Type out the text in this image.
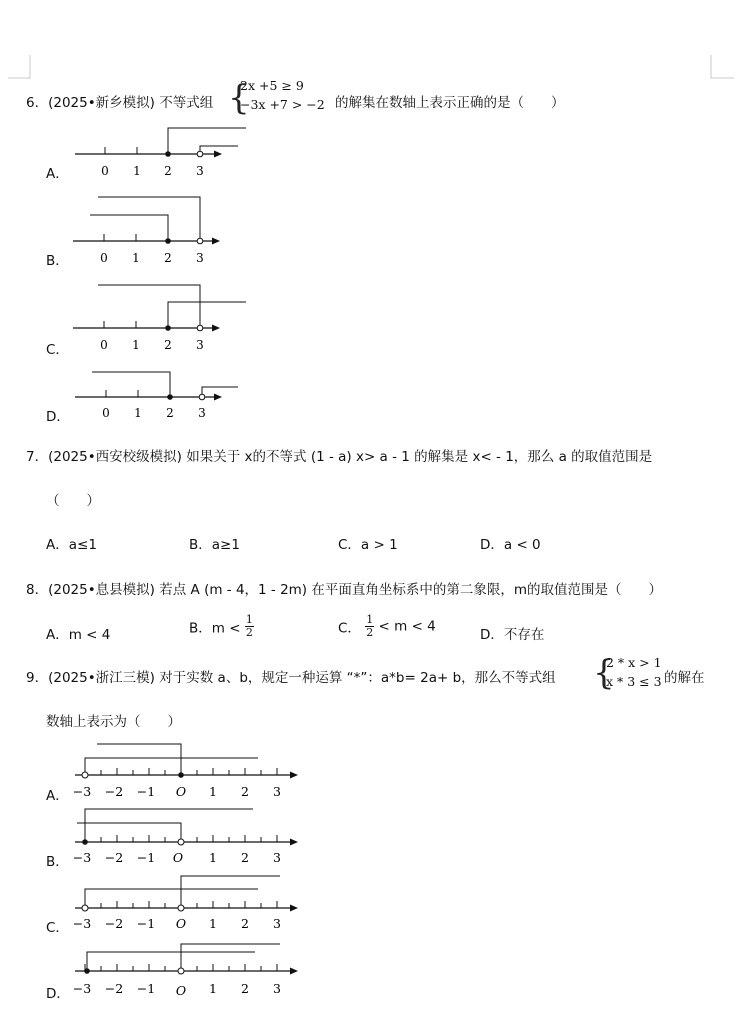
6．(2025•新乡模拟) 不等式组 {
2x +5 ≥ 9
−3x +7 > −2 的解集在数轴上表示正确的是（　　）
A．
B．
C．
D．
0 1 2 3
0 1 2 3
0 1 2 3
0 1 2 3
7．(2025•西安校级模拟) 如果关于 x的不等式 (1 - a) x> a - 1 的解集是 x< - 1，那么 a 的取值范围是
（　　）
A．a≤1	B．a≥1	C．a > 1	D．a < 0
8．(2025•息县模拟) 若点 A (m - 4，1 - 2m) 在平面直角坐标系中的第二象限，m的取值范围是（　　）
A．m < 4	B．$m < \frac{1}{2}$	C． $\frac{1}{2} < m < 4$
D．不存在
9．(2025•浙江三模) 对于实数 a、b，规定一种运算 “*”：a*b= 2a+ b，那么不等式组 {
2 * x > 1
x * 3 ≤ 3 的解在
数轴上表示为（　　）
A．
B．
C．
D．
−3 −2 −1 O 1 2 3
−3 −2 −1 O 1 2 3
−3 −2 −1 O 1 2 3
−3 −2 −1 O 1 2 3
